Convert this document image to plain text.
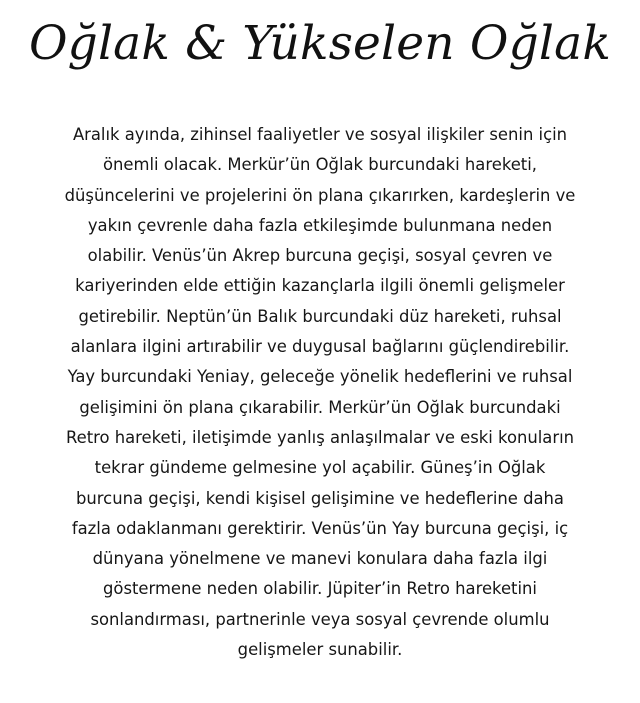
Oğlak & Yükselen Oğlak
Aralık ayında, zihinsel faaliyetler ve sosyal ilişkiler senin için
önemli olacak. Merkür’ün Oğlak burcundaki hareketi,
düşüncelerini ve projelerini ön plana çıkarırken, kardeşlerin ve
yakın çevrenle daha fazla etkileşimde bulunmana neden
olabilir. Venüs’ün Akrep burcuna geçişi, sosyal çevren ve
kariyerinden elde ettiğin kazançlarla ilgili önemli gelişmeler
getirebilir. Neptün’ün Balık burcundaki düz hareketi, ruhsal
alanlara ilgini artırabilir ve duygusal bağlarını güçlendirebilir.
Yay burcundaki Yeniay, geleceğe yönelik hedeflerini ve ruhsal
gelişimini ön plana çıkarabilir. Merkür’ün Oğlak burcundaki
Retro hareketi, iletişimde yanlış anlaşılmalar ve eski konuların
tekrar gündeme gelmesine yol açabilir. Güneş’in Oğlak
burcuna geçişi, kendi kişisel gelişimine ve hedeflerine daha
fazla odaklanmanı gerektirir. Venüs’ün Yay burcuna geçişi, iç
dünyana yönelmene ve manevi konulara daha fazla ilgi
göstermene neden olabilir. Jüpiter’in Retro hareketini
sonlandırması, partnerinle veya sosyal çevrende olumlu
gelişmeler sunabilir.
